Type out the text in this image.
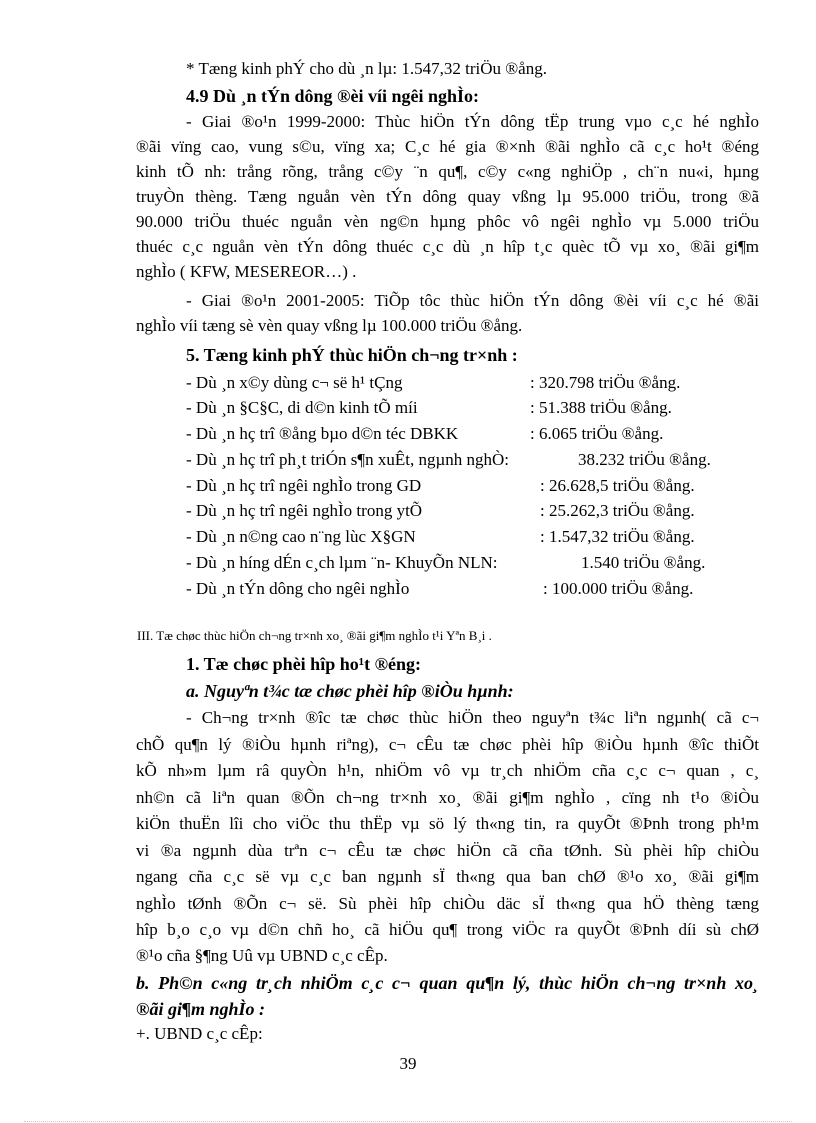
* Tæng kinh phÝ cho dù ¸n lµ: 1.547,32 triÖu ®ång.
4.9 Dù ¸n tÝn dông ®èi víi ngêi nghÌo:
- Giai ®o¹n 1999-2000: Thùc hiÖn tÝn dông tËp trung vµo c¸c hé nghÌo
®ãi vïng cao, vung s©u, vïng xa; C¸c hé gia ®×nh ®ãi nghÌo cã c¸c ho¹t ®éng
kinh tÕ nh: trång rõng, trång c©y ¨n qu¶, c©y c«ng nghiÖp , ch¨n nu«i, hµng
truyÒn thèng. Tæng nguån vèn tÝn dông quay vßng lµ 95.000 triÖu, trong ®ã
90.000 triÖu thuéc nguån vèn ng©n hµng phôc vô ngêi nghÌo vµ 5.000 triÖu
thuéc c¸c nguån vèn tÝn dông thuéc c¸c dù ¸n hîp t¸c quèc tÕ vµ xo¸ ®ãi gi¶m
nghÌo ( KFW, MESEREOR…) .
- Giai ®o¹n 2001-2005: TiÕp tôc thùc hiÖn tÝn dông ®èi víi c¸c hé ®ãi
nghÌo víi tæng sè vèn quay vßng lµ 100.000 triÖu ®ång.
5. Tæng kinh phÝ thùc hiÖn ch¬ng tr×nh :
- Dù ¸n x©y dùng c¬ së h¹ tÇng	: 320.798 triÖu ®ång.
- Dù ¸n §C§C, di d©n kinh tÕ míi	: 51.388 triÖu ®ång.
- Dù ¸n hç trî ®ång bµo d©n téc DBKK	: 6.065 triÖu ®ång.
- Dù ¸n hç trî ph¸t triÓn s¶n xuÊt, ngµnh nghÒ:	38.232 triÖu ®ång.
- Dù ¸n hç trî ngêi nghÌo trong GD	: 26.628,5 triÖu ®ång.
- Dù ¸n hç trî ngêi nghÌo trong ytÕ	: 25.262,3 triÖu ®ång.
- Dù ¸n n©ng cao n¨ng lùc X§GN	: 1.547,32 triÖu ®ång.
- Dù ¸n híng dÉn c¸ch lµm ¨n- KhuyÕn NLN:	1.540 triÖu ®ång.
- Dù ¸n tÝn dông cho ngêi nghÌo	: 100.000 triÖu ®ång.
III. Tæ chøc thùc hiÖn ch¬ng tr×nh xo¸ ®ãi gi¶m nghÌo t¹i Yªn B¸i .
1. Tæ chøc phèi hîp ho¹t ®éng:
a. Nguyªn t¾c tæ chøc phèi hîp ®iÒu hµnh:
- Ch¬ng tr×nh ®îc tæ chøc thùc hiÖn theo nguyªn t¾c liªn ngµnh( cã c¬
chÕ qu¶n lý ®iÒu hµnh riªng), c¬ cÊu tæ chøc phèi hîp ®iÒu hµnh ®îc thiÕt
kÕ nh»m lµm râ quyÒn h¹n, nhiÖm vô vµ tr¸ch nhiÖm cña c¸c c¬ quan , c¸
nh©n cã liªn quan ®Õn ch¬ng tr×nh xo¸ ®ãi gi¶m nghÌo , cïng nh t¹o ®iÒu
kiÖn thuËn lîi cho viÖc thu thËp vµ sö lý th«ng tin, ra quyÕt ®Þnh trong ph¹m
vi ®a ngµnh dùa trªn c¬ cÊu tæ chøc hiÖn cã cña tØnh. Sù phèi hîp chiÒu
ngang cña c¸c së vµ c¸c ban ngµnh sÏ th«ng qua ban chØ ®¹o xo¸ ®ãi gi¶m
nghÌo tØnh ®Õn c¬ së. Sù phèi hîp chiÒu däc sÏ th«ng qua hÖ thèng tæng
hîp b¸o c¸o vµ d©n chñ ho¸ cã hiÖu qu¶ trong viÖc ra quyÕt ®Þnh díi sù chØ
®¹o cña §¶ng Uû vµ UBND c¸c cÊp.
b. Ph©n c«ng tr¸ch nhiÖm c¸c c¬ quan qu¶n lý, thùc hiÖn ch¬ng tr×nh xo¸
®ãi gi¶m nghÌo :
+. UBND c¸c cÊp:
39
